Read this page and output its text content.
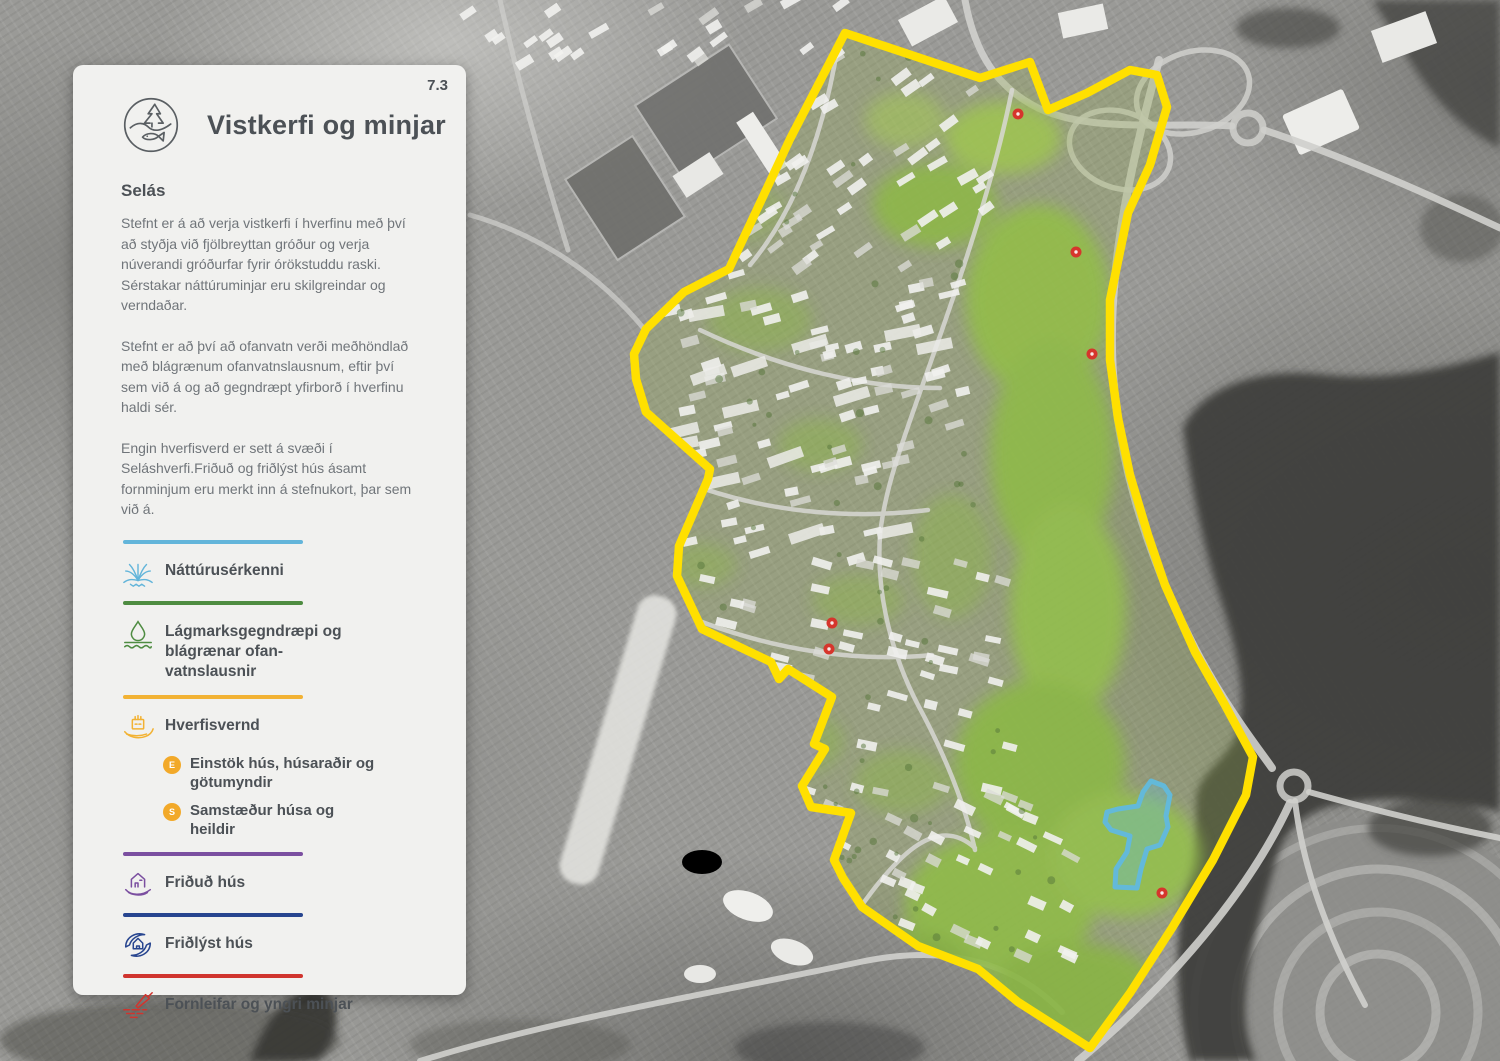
7.3
Vistkerfi og minjar
Selás

Stefnt er á að verja vistkerfi í hverfinu með því að styðja við fjölbreyttan gróður og verja núverandi gróðurfar fyrir órökstuddu raski. Sérstakar náttúruminjar eru skilgreindar og verndaðar.

Stefnt er að því að ofanvatn verði meðhöndlað með blágrænum ofanvatnslausnum, eftir því sem við á og að gegndræpt yfirborð í hverfinu haldi sér.

Engin hverfisverd er sett á svæði í Seláshverfi.Friðuð og friðlýst hús ásamt fornminjum eru merkt inn á stefnukort, þar sem við á.

Náttúrusérkenni
Lágmarksgegndræpi og blágrænar ofan-vatnslausnir
Hverfisvernd
E	Einstök hús, húsaraðir og götumyndir
S	Samstæður húsa og heildir
Friðuð hús
Friðlýst hús
Fornleifar og yngri minjar
